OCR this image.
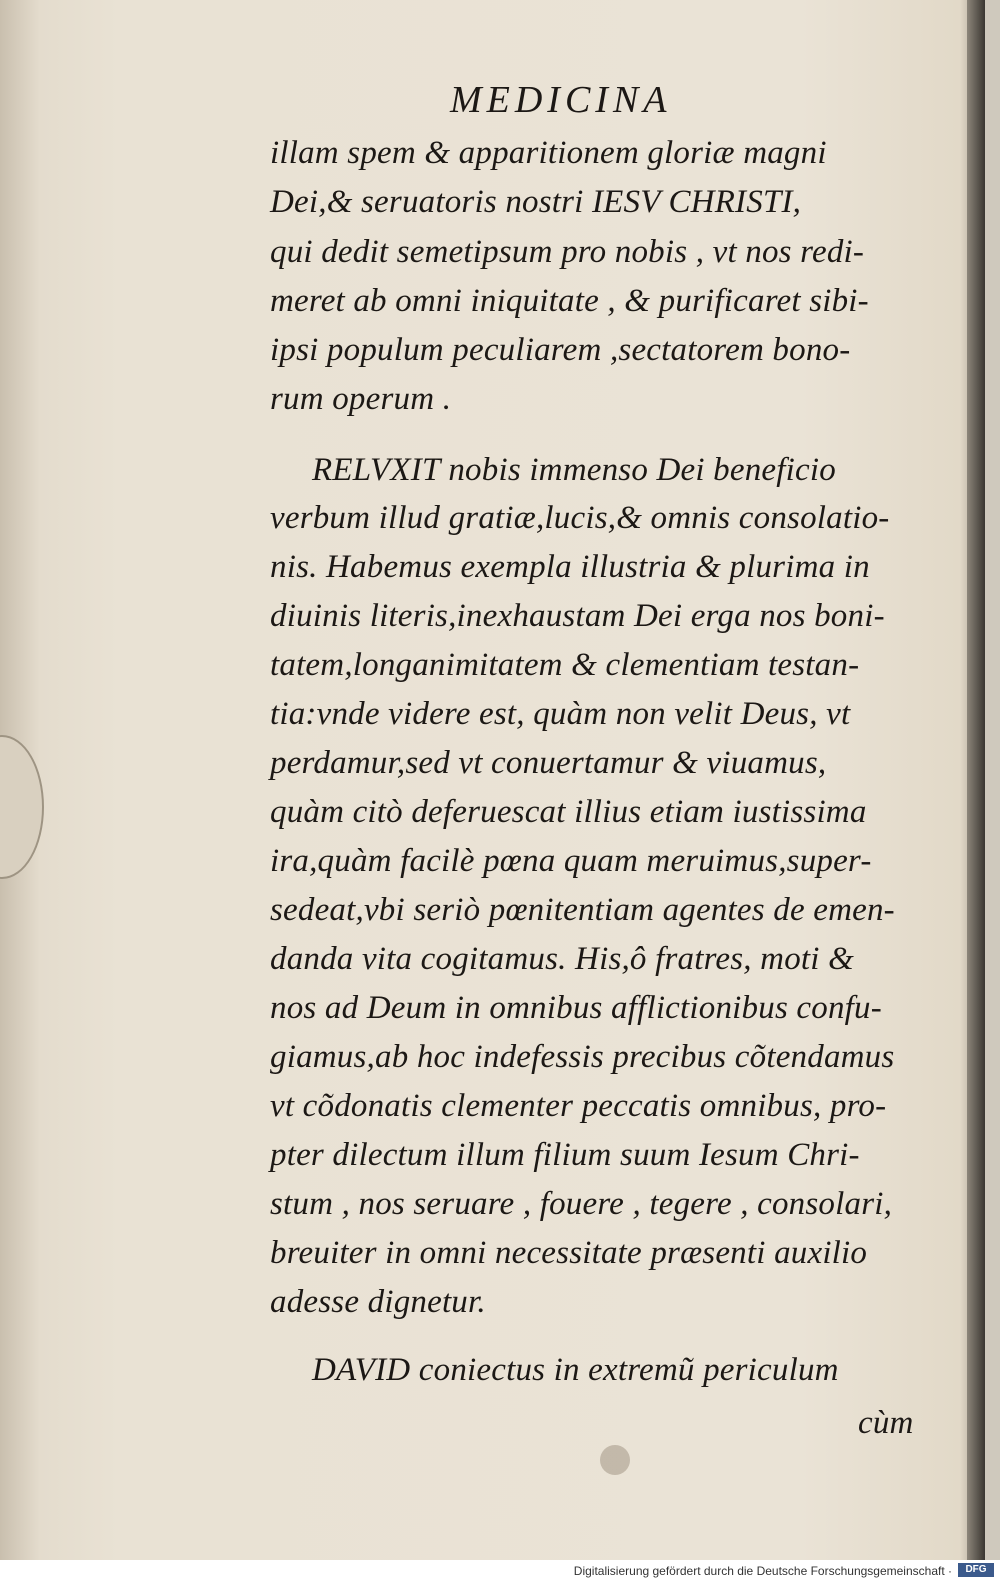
MEDICINA
illam spem & apparitionem gloriæ magni
Dei,& seruatoris nostri IESV CHRISTI,
qui dedit semetipsum pro nobis , vt nos redi-
meret ab omni iniquitate , & purificaret sibi-
ipsi populum peculiarem ,sectatorem bono-
rum operum .
RELVXIT nobis immenso Dei beneficio
verbum illud gratiæ,lucis,& omnis consolatio-
nis. Habemus exempla illustria & plurima in
diuinis literis,inexhaustam Dei erga nos boni-
tatem,longanimitatem & clementiam testan-
tia:vnde videre est, quàm non velit Deus, vt
perdamur,sed vt conuertamur & viuamus,
quàm citò deferuescat illius etiam iustissima
ira,quàm facilè pœna quam meruimus,super-
sedeat,vbi seriò pœnitentiam agentes de emen-
danda vita cogitamus. His,ô fratres, moti &
nos ad Deum in omnibus afflictionibus confu-
giamus,ab hoc indefessis precibus cõtendamus
vt cõdonatis clementer peccatis omnibus, pro-
pter dilectum illum filium suum Iesum Chri-
stum , nos seruare , fouere , tegere , consolari,
breuiter in omni necessitate præsenti auxilio
adesse dignetur.
DAVID coniectus in extremũ periculum
cùm
Digitalisierung gefördert durch die Deutsche Forschungsgemeinschaft ·	DFG
